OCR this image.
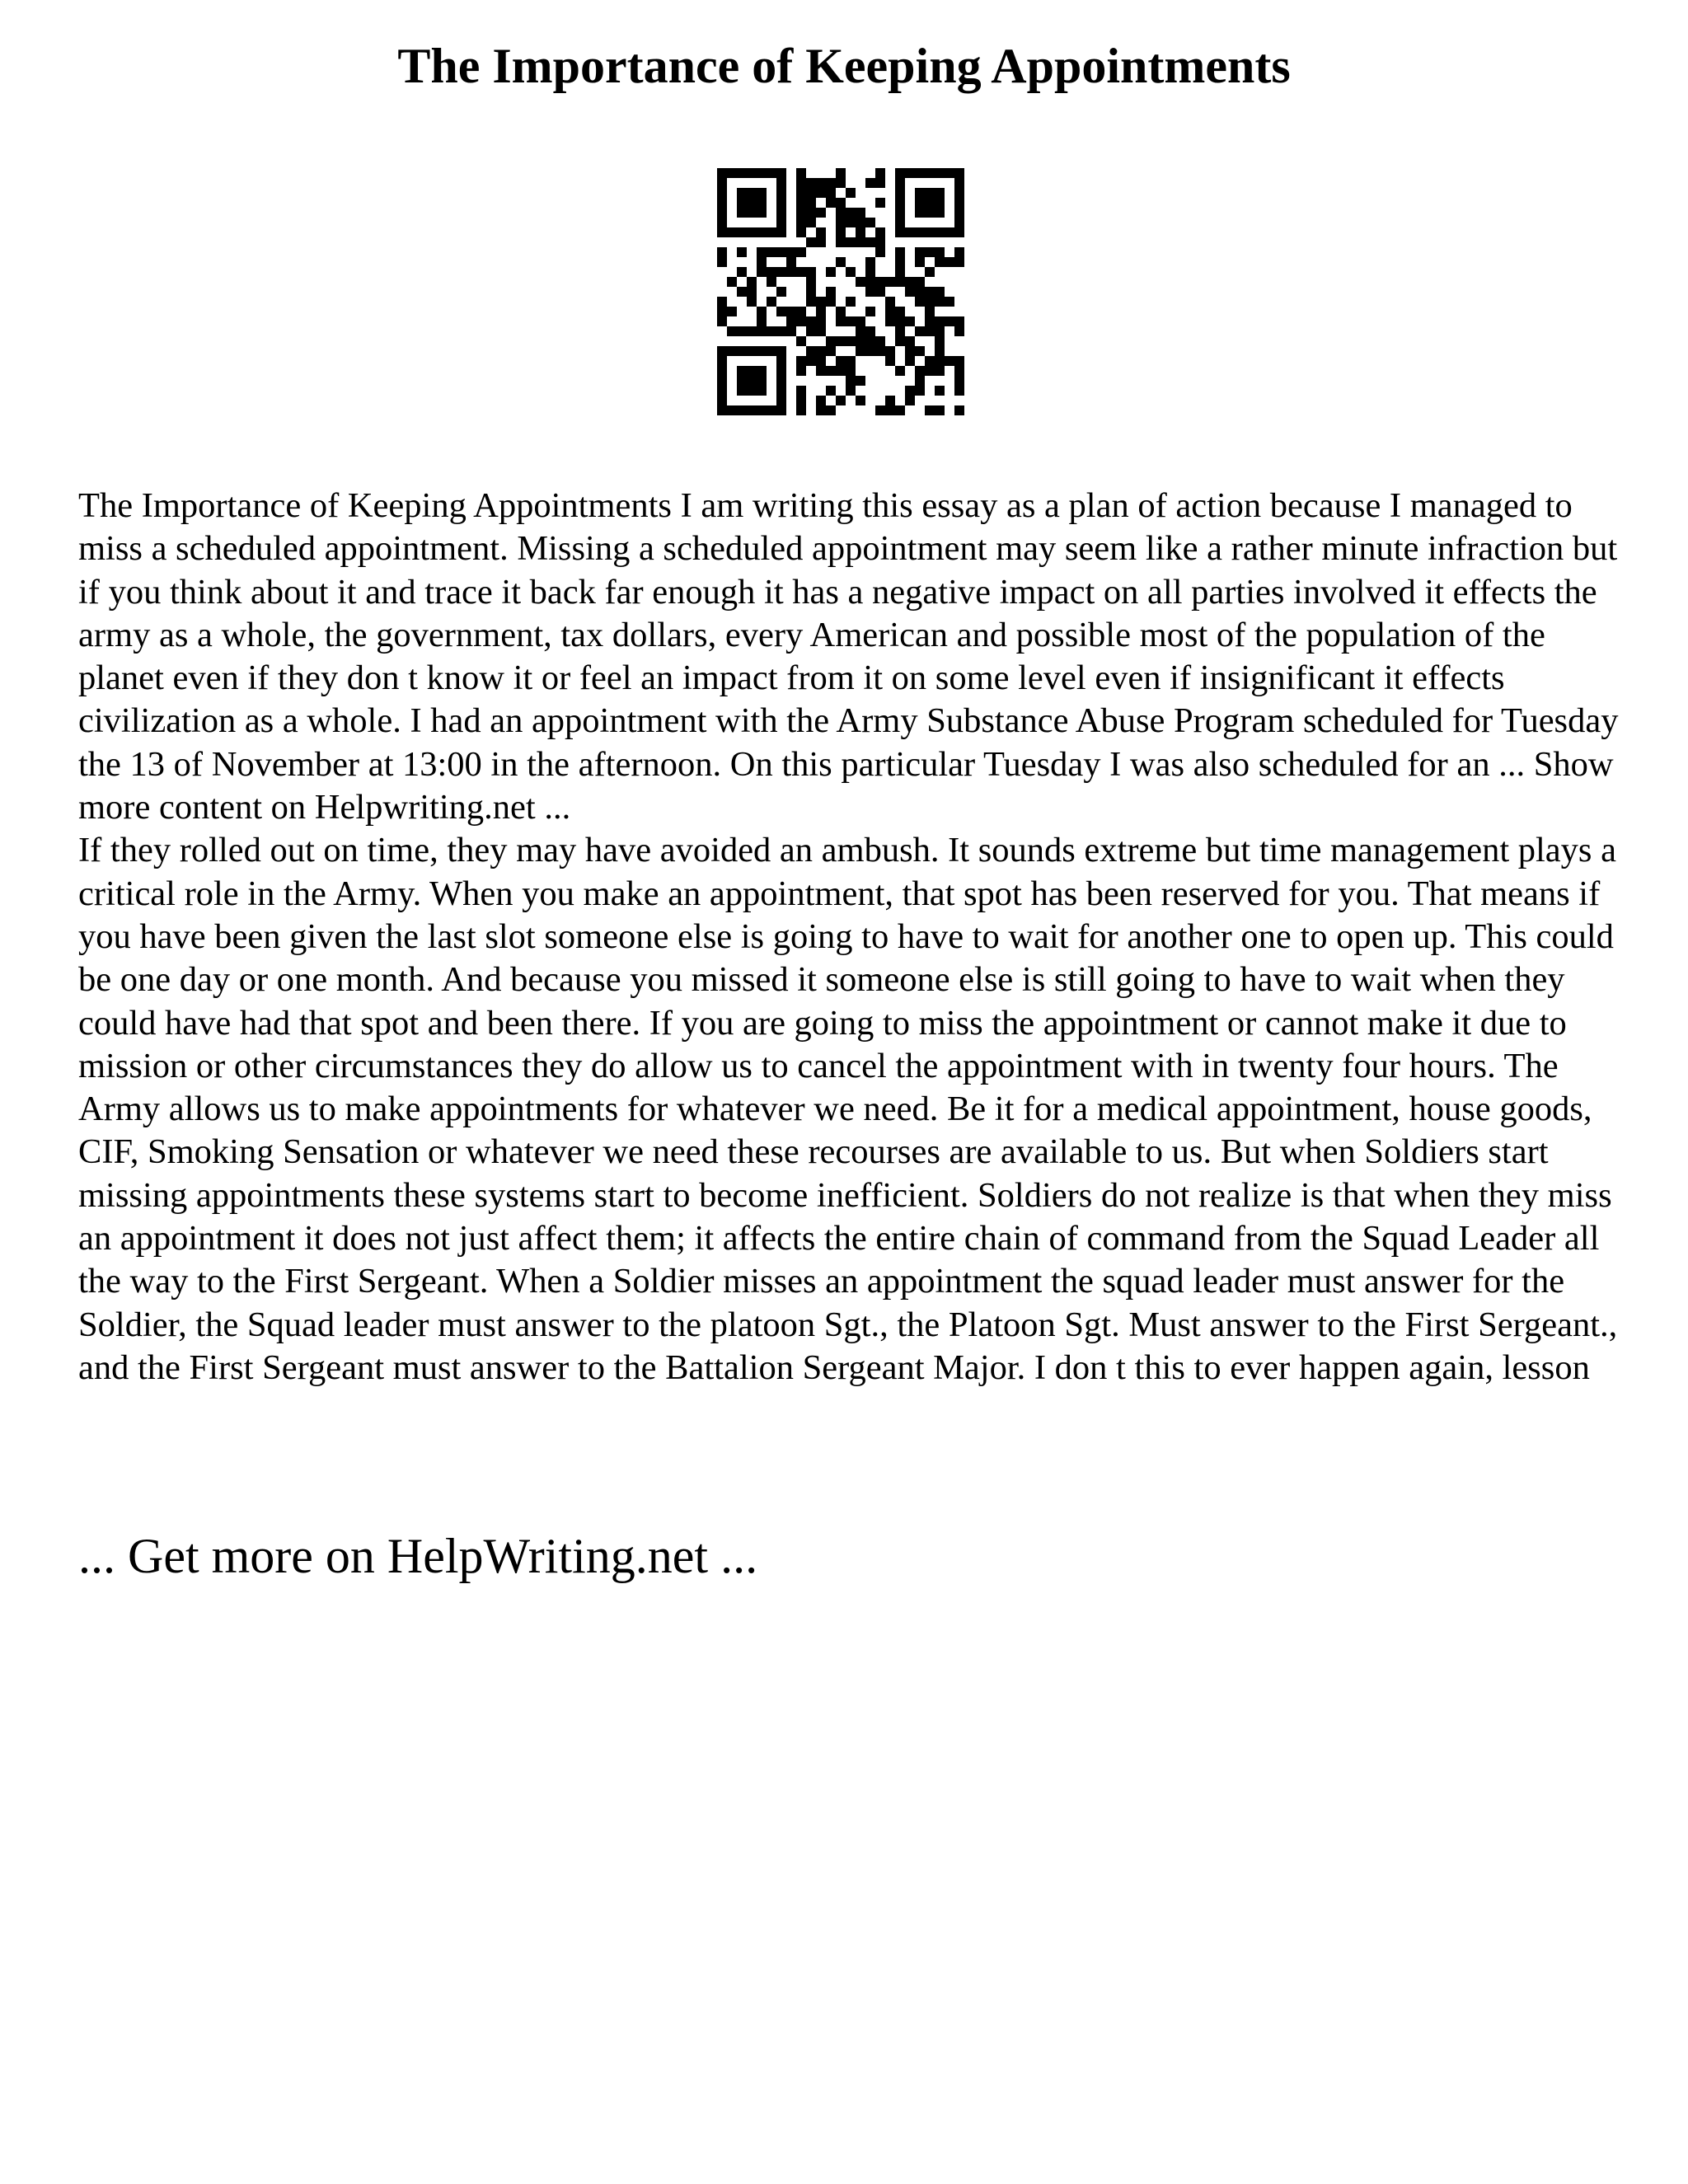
The Importance of Keeping Appointments

The Importance of Keeping Appointments I am writing this essay as a plan of action because I managed to miss a scheduled appointment. Missing a scheduled appointment may seem like a rather minute infraction but if you think about it and trace it back far enough it has a negative impact on all parties involved it effects the army as a whole, the government, tax dollars, every American and possible most of the population of the planet even if they don t know it or feel an impact from it on some level even if insignificant it effects civilization as a whole. I had an appointment with the Army Substance Abuse Program scheduled for Tuesday the 13 of November at 13:00 in the afternoon. On this particular Tuesday I was also scheduled for an ... Show more content on Helpwriting.net ...

If they rolled out on time, they may have avoided an ambush. It sounds extreme but time management plays a critical role in the Army. When you make an appointment, that spot has been reserved for you. That means if you have been given the last slot someone else is going to have to wait for another one to open up. This could be one day or one month. And because you missed it someone else is still going to have to wait when they could have had that spot and been there. If you are going to miss the appointment or cannot make it due to mission or other circumstances they do allow us to cancel the appointment with in twenty four hours. The Army allows us to make appointments for whatever we need. Be it for a medical appointment, house goods, CIF, Smoking Sensation or whatever we need these recourses are available to us. But when Soldiers start missing appointments these systems start to become inefficient. Soldiers do not realize is that when they miss an appointment it does not just affect them; it affects the entire chain of command from the Squad Leader all the way to the First Sergeant. When a Soldier misses an appointment the squad leader must answer for the Soldier, the Squad leader must answer to the platoon Sgt., the Platoon Sgt. Must answer to the First Sergeant., and the First Sergeant must answer to the Battalion Sergeant Major. I don t this to ever happen again, lesson

... Get more on HelpWriting.net ...
